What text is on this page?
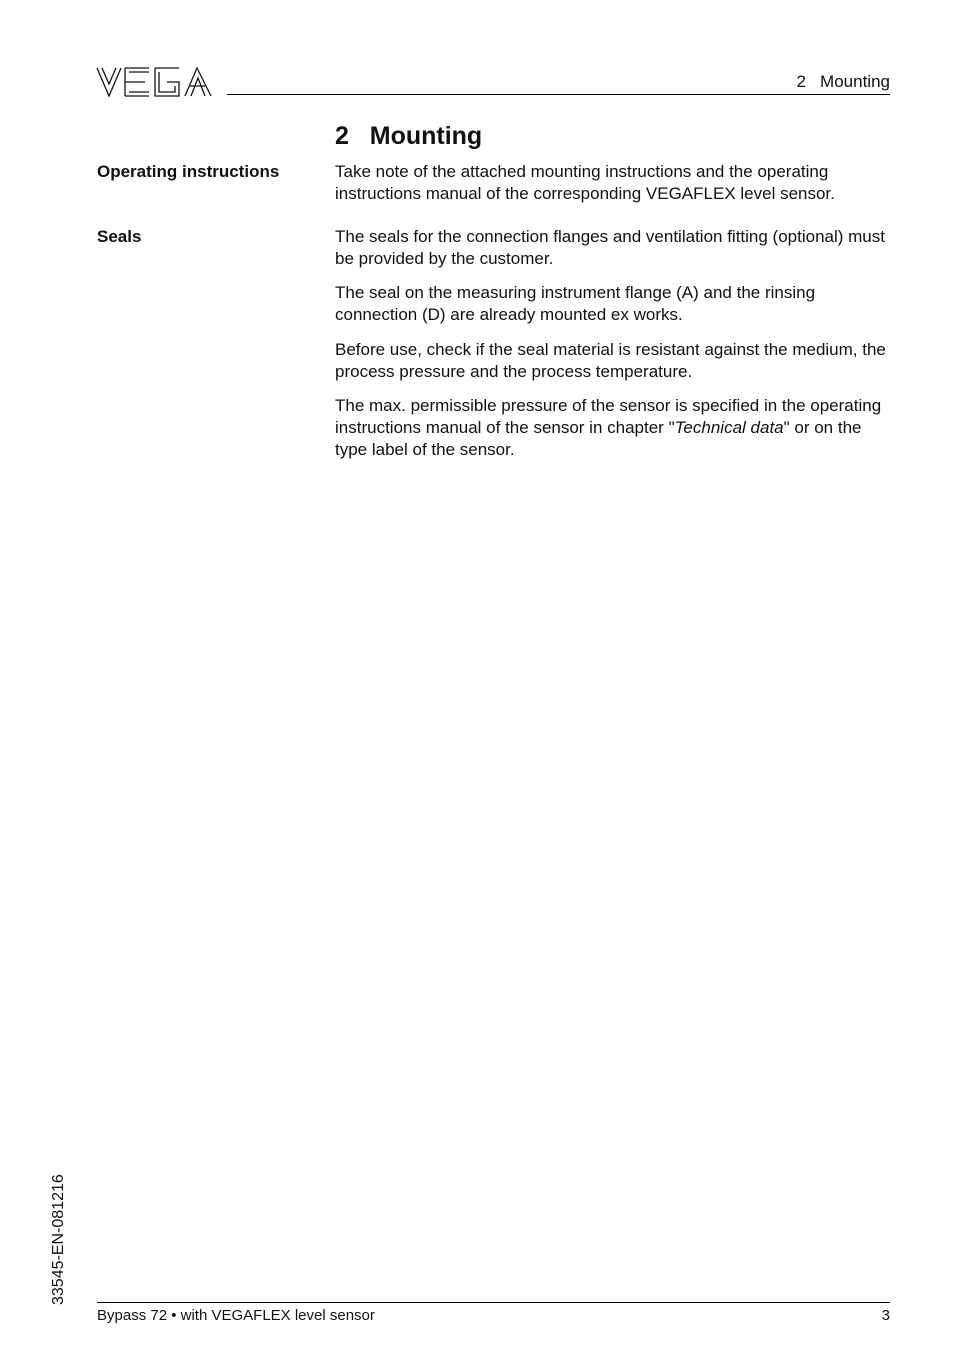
2   Mounting
2   Mounting
Operating instructions	Take note of the attached mounting instructions and the operating instructions manual of the corresponding VEGAFLEX level sensor.

Seals	The seals for the connection flanges and ventilation fitting (optional) must be provided by the customer.

The seal on the measuring instrument flange (A) and the rinsing connection (D) are already mounted ex works.

Before use, check if the seal material is resistant against the medium, the process pressure and the process temperature.

The max. permissible pressure of the sensor is specified in the operating instructions manual of the sensor in chapter "Technical data" or on the type label of the sensor.

33545-EN-081216
Bypass 72 • with VEGAFLEX level sensor	3
